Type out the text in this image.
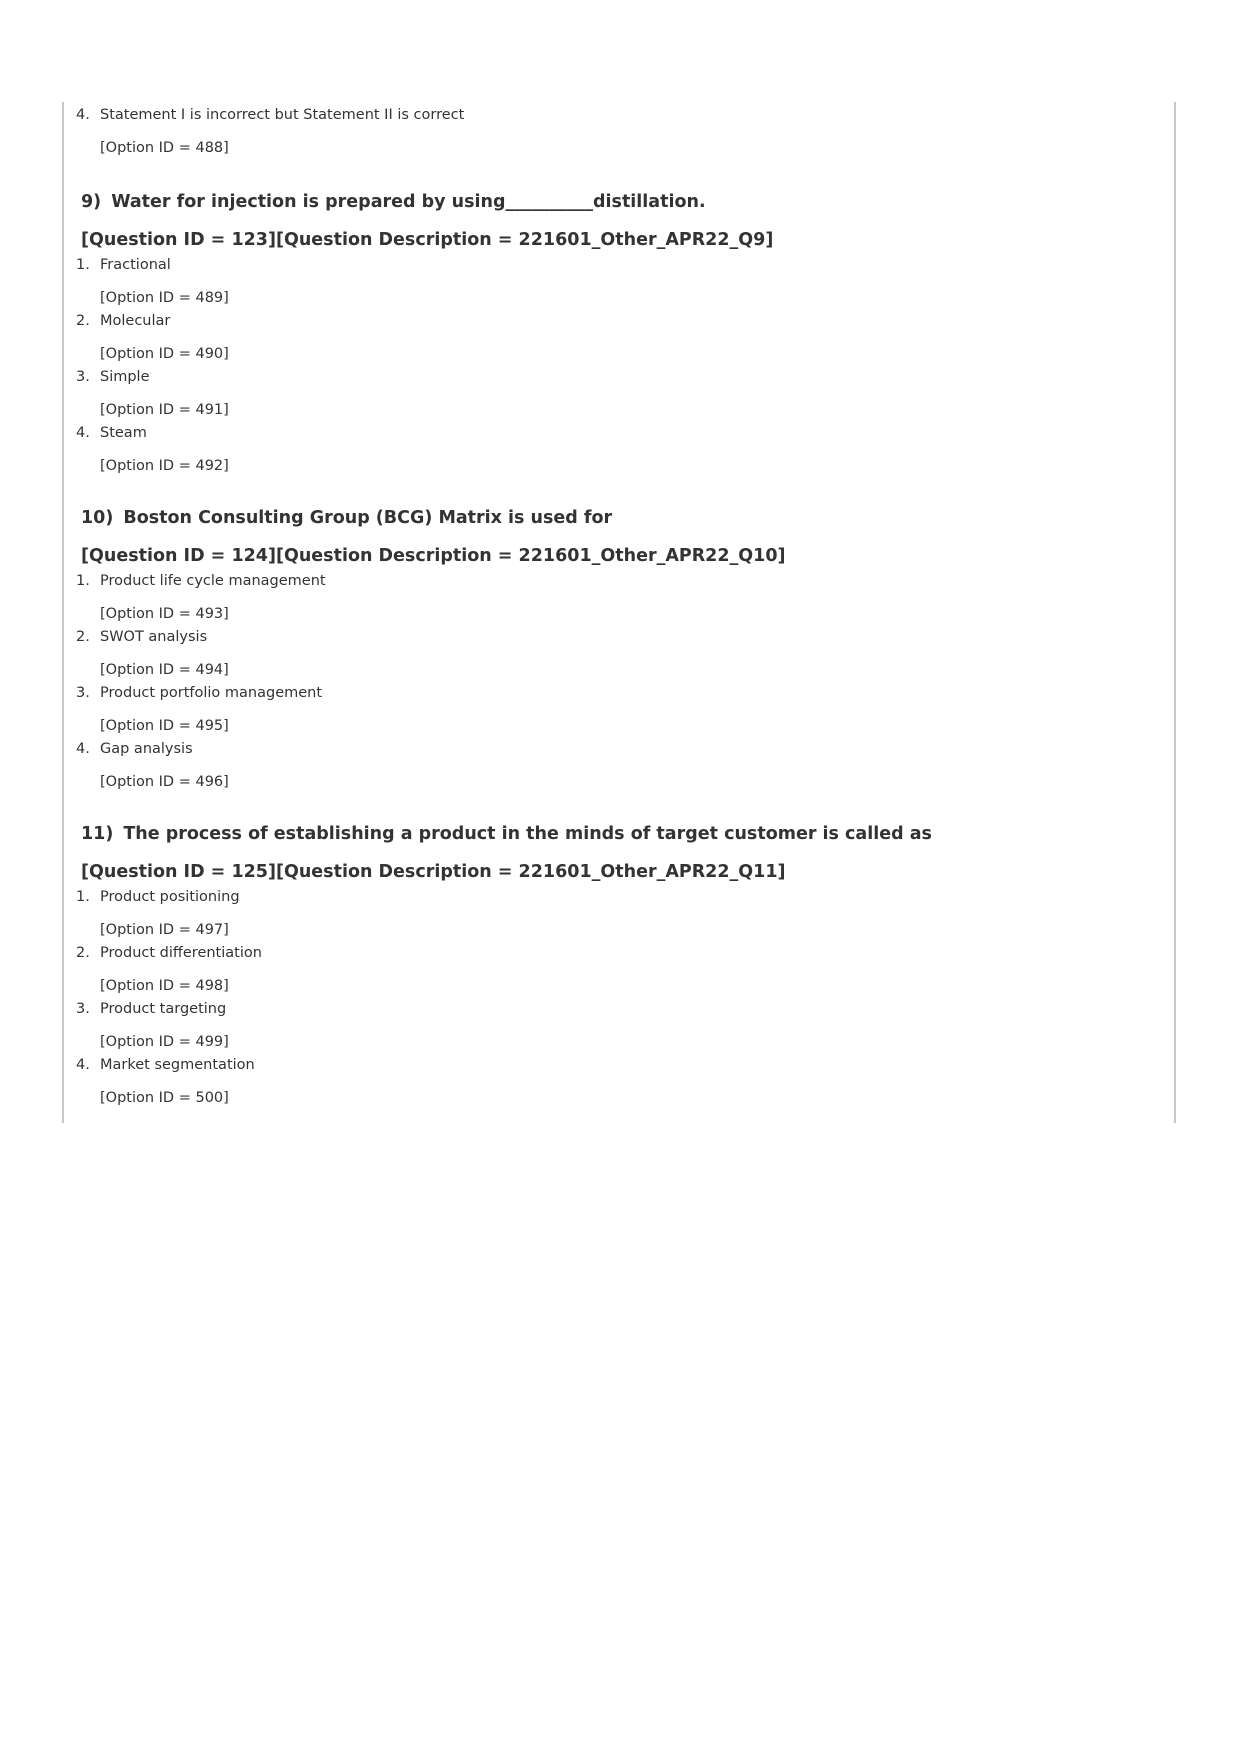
4. Statement I is incorrect but Statement II is correct
[Option ID = 488]
9) Water for injection is prepared by using__________distillation.
[Question ID = 123][Question Description = 221601_Other_APR22_Q9]
1. Fractional
[Option ID = 489]
2. Molecular
[Option ID = 490]
3. Simple
[Option ID = 491]
4. Steam
[Option ID = 492]
10) Boston Consulting Group (BCG) Matrix is used for
[Question ID = 124][Question Description = 221601_Other_APR22_Q10]
1. Product life cycle management
[Option ID = 493]
2. SWOT analysis
[Option ID = 494]
3. Product portfolio management
[Option ID = 495]
4. Gap analysis
[Option ID = 496]
11) The process of establishing a product in the minds of target customer is called as
[Question ID = 125][Question Description = 221601_Other_APR22_Q11]
1. Product positioning
[Option ID = 497]
2. Product differentiation
[Option ID = 498]
3. Product targeting
[Option ID = 499]
4. Market segmentation
[Option ID = 500]
